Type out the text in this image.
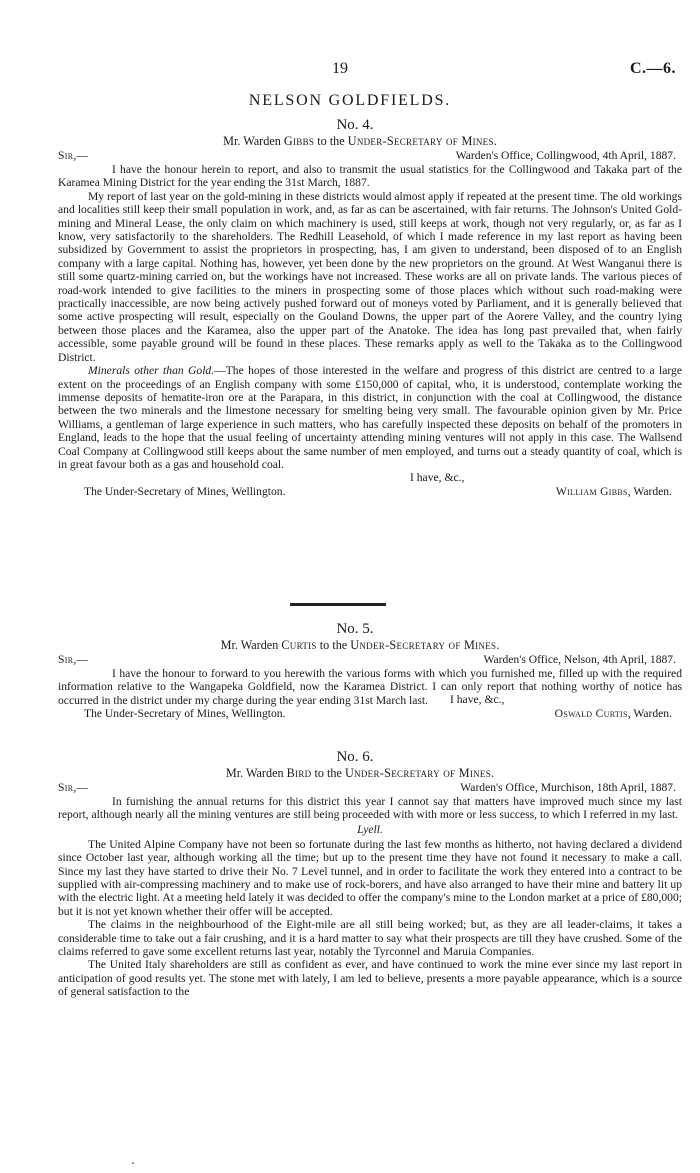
19	C.—6.
NELSON GOLDFIELDS.
No. 4.
Mr. Warden Gibbs to the Under-Secretary of Mines.
Sir,—	Warden's Office, Collingwood, 4th April, 1887.

I have the honour herein to report, and also to transmit the usual statistics for the Collingwood and Takaka part of the Karamea Mining District for the year ending the 31st March, 1887.

My report of last year on the gold-mining in these districts would almost apply if repeated at the present time. The old workings and localities still keep their small population in work, and, as far as can be ascertained, with fair returns. The Johnson's United Gold-mining and Mineral Lease, the only claim on which machinery is used, still keeps at work, though not very regularly, or, as far as I know, very satisfactorily to the shareholders. The Redhill Leasehold, of which I made reference in my last report as having been subsidized by Government to assist the proprietors in prospecting, has, I am given to understand, been disposed of to an English company with a large capital. Nothing has, however, yet been done by the new proprietors on the ground. At West Wanganui there is still some quartz-mining carried on, but the workings have not increased. These works are all on private lands. The various pieces of road-work intended to give facilities to the miners in prospecting some of those places which without such road-making were practically inaccessible, are now being actively pushed forward out of moneys voted by Parliament, and it is generally believed that some active prospecting will result, especially on the Gouland Downs, the upper part of the Aorere Valley, and the country lying between those places and the Karamea, also the upper part of the Anatoke. The idea has long past prevailed that, when fairly accessible, some payable ground will be found in these places. These remarks apply as well to the Takaka as to the Collingwood District.

Minerals other than Gold.—The hopes of those interested in the welfare and progress of this district are centred to a large extent on the proceedings of an English company with some £150,000 of capital, who, it is understood, contemplate working the immense deposits of hematite-iron ore at the Parapara, in this district, in conjunction with the coal at Collingwood, the distance between the two minerals and the limestone necessary for smelting being very small. The favourable opinion given by Mr. Price Williams, a gentleman of large experience in such matters, who has carefully inspected these deposits on behalf of the promoters in England, leads to the hope that the usual feeling of uncertainty attending mining ventures will not apply in this case. The Wallsend Coal Company at Collingwood still keeps about the same number of men employed, and turns out a steady quantity of coal, which is in great favour both as a gas and household coal.

I have, &c.,
The Under-Secretary of Mines, Wellington.	William Gibbs, Warden.
No. 5.
Mr. Warden Curtis to the Under-Secretary of Mines.
Sir,—	Warden's Office, Nelson, 4th April, 1887.

I have the honour to forward to you herewith the various forms with which you furnished me, filled up with the required information relative to the Wangapeka Goldfield, now the Karamea District. I can only report that nothing worthy of notice has occurred in the district under my charge during the year ending 31st March last.	I have, &c.,
The Under-Secretary of Mines, Wellington.	Oswald Curtis, Warden.
No. 6.
Mr. Warden Bird to the Under-Secretary of Mines.
Sir,—	Warden's Office, Murchison, 18th April, 1887.

In furnishing the annual returns for this district this year I cannot say that matters have improved much since my last report, although nearly all the mining ventures are still being proceeded with with more or less success, to which I referred in my last.

Lyell.

The United Alpine Company have not been so fortunate during the last few months as hitherto, not having declared a dividend since October last year, although working all the time; but up to the present time they have not found it necessary to make a call. Since my last they have started to drive their No. 7 Level tunnel, and in order to facilitate the work they entered into a contract to be supplied with air-compressing machinery and to make use of rock-borers, and have also arranged to have their mine and battery lit up with the electric light. At a meeting held lately it was decided to offer the company's mine to the London market at a price of £80,000; but it is not yet known whether their offer will be accepted.

The claims in the neighbourhood of the Eight-mile are all still being worked; but, as they are all leader-claims, it takes a considerable time to take out a fair crushing, and it is a hard matter to say what their prospects are till they have crushed. Some of the claims referred to gave some excellent returns last year, notably the Tyrconnel and Maruia Companies.

The United Italy shareholders are still as confident as ever, and have continued to work the mine ever since my last report in anticipation of good results yet. The stone met with lately, I am led to believe, presents a more payable appearance, which is a source of general satisfaction to the
